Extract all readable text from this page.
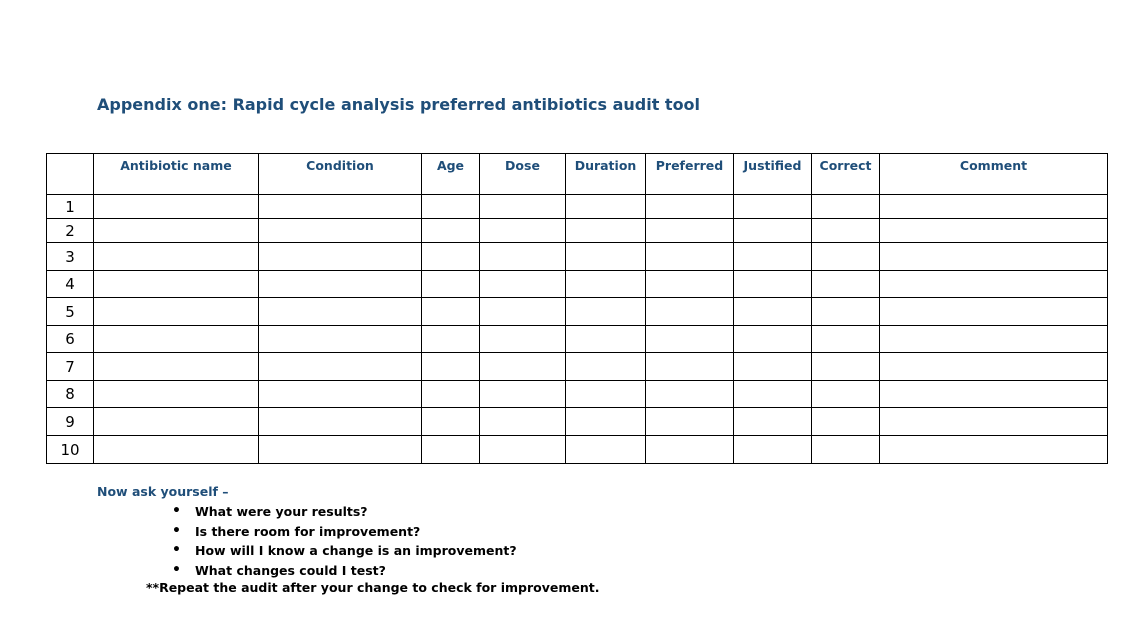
Appendix one: Rapid cycle analysis preferred antibiotics audit tool
	Antibiotic name	Condition	Age	Dose	Duration	Preferred	Justified	Correct	Comment
1									
2									
3									
4									
5									
6									
7									
8									
9									
10									
Now ask yourself –
• What were your results?
• Is there room for improvement?
• How will I know a change is an improvement?
• What changes could I test?
**Repeat the audit after your change to check for improvement.
